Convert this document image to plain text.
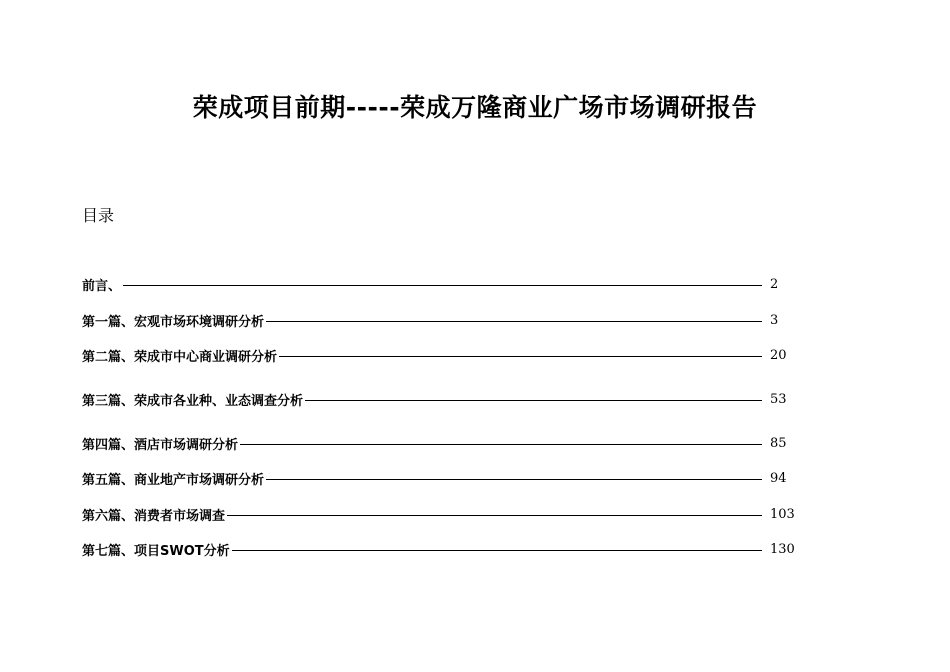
荣成项目前期-----荣成万隆商业广场市场调研报告
目录
前言、	2
第一篇、宏观市场环境调研分析	3
第二篇、荣成市中心商业调研分析	20
第三篇、荣成市各业种、业态调查分析	53
第四篇、酒店市场调研分析	85
第五篇、商业地产市场调研分析	94
第六篇、消费者市场调查	103
第七篇、项目SWOT分析	130
